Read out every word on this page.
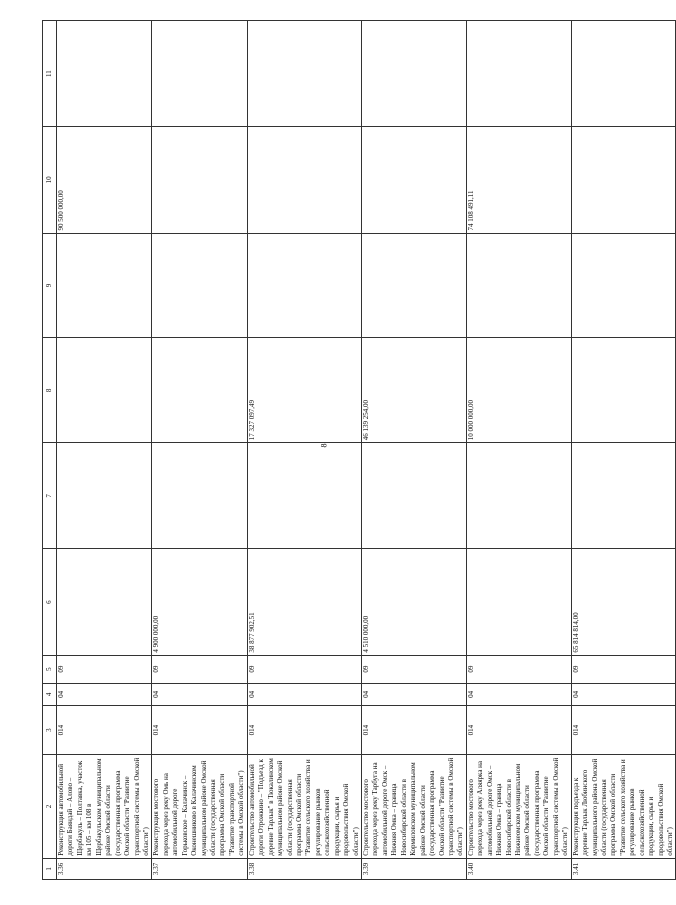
8
1	2	3	4	5	6	7	8	9	10	11
3.36	Реконструкция автомобильной дороги Баяндай – Алово – Щербакуль – Полтавка, участок км 105 – км 108 в Щербакульском муниципальном районе Омской области (государственная программа Омской области "Развитие транспортной системы в Омской области")	014	04	09					90 500 000,00	
3.37	Реконструкция мостового перехода через реку Омь на автомобильной дороге Горьковское – Калачинск – Оконешниково в Калачинском муниципальном районе Омской области (государственная программа Омской области "Развитие транспортной системы в Омской области")	014	04	09	4 900 000,00					
3.38	Строительство автомобильной дороги Отрожкино – "Подъезд к деревне Тарлык" в Тюкалинском муниципальном районе Омской области (государственная программа Омской области "Развитие сельского хозяйства и регулирование рынков сельскохозяйственной продукции, сырья и продовольствия Омской области")	014	04	09	38 877 902,51		17 327 097,49			
3.39	Строительство мостового перехода через реку Тарбуга на автомобильной дороге Омск – Нижняя Омка – граница Новосибирской области в Кормиловском муниципальном районе Омской области (государственная программа Омской области "Развитие транспортной системы в Омской области")	014	04	09	4 510 000,00		46 139 254,00			
3.40	Строительство мостового перехода через реку Аляярка на автомобильной дороге Омск – Нижняя Омка – граница Новосибирской области в Нижнеомском муниципальном районе Омской области (государственная программа Омской области "Развитие транспортной системы в Омской области")	014	04	09			10 000 000,00		74 108 491,11	
3.41	Реконструкция подъезда к деревне Тарлык Любинского муниципального района Омской области (государственная программа Омской области "Развитие сельского хозяйства и регулирование рынков сельскохозяйственной продукции, сырья и продовольствия Омской области")	014	04	09	65 814 814,00					
